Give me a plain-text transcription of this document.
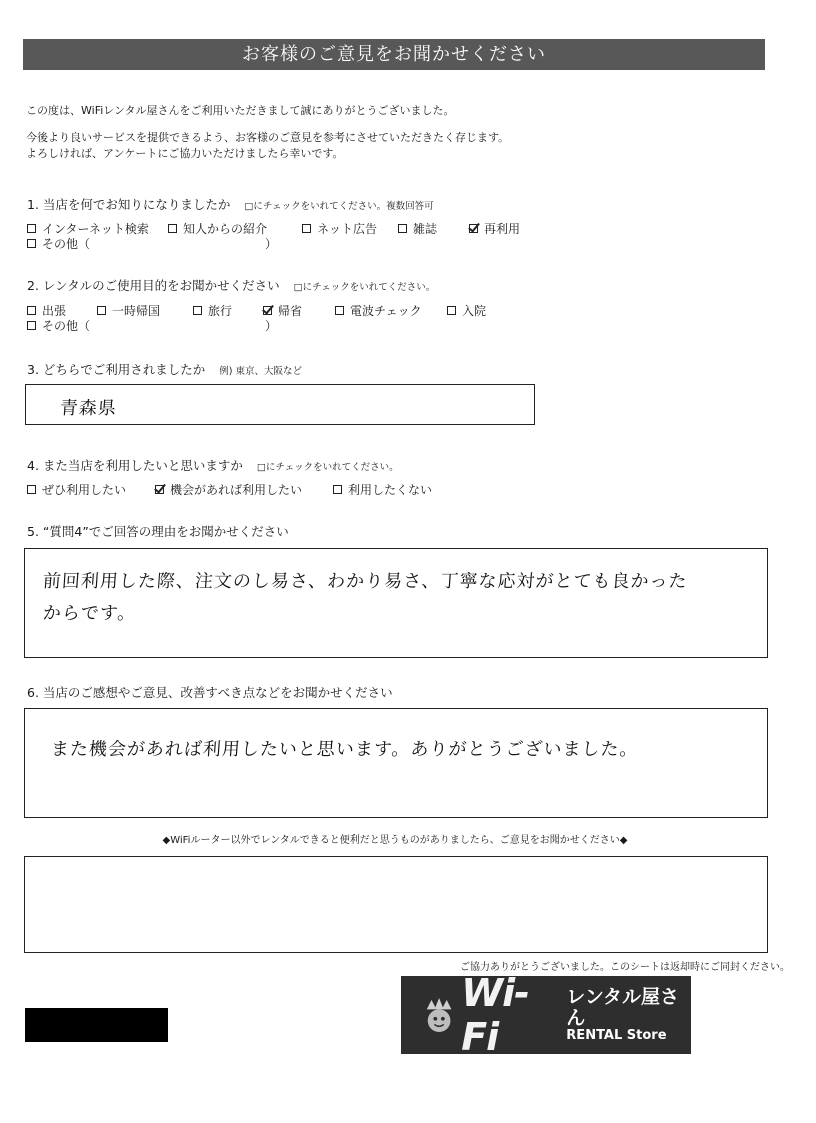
お客様のご意見をお聞かせください
この度は、WiFiレンタル屋さんをご利用いただきまして誠にありがとうございました。
今後より良いサービスを提供できるよう、お客様のご意見を参考にさせていただきたく存じます。
よろしければ、アンケートにご協力いただけましたら幸いです。
1. 当店を何でお知りになりましたか □にチェックをいれてください。複数回答可
インターネット検索	知人からの紹介	ネット広告	雑誌	再利用
その他（	）
2. レンタルのご使用目的をお聞かせください □にチェックをいれてください。
出張	一時帰国	旅行	帰省	電波チェック	入院
その他（	）
3. どちらでご利用されましたか 例) 東京、大阪など
青森県
4. また当店を利用したいと思いますか □にチェックをいれてください。
ぜひ利用したい	機会があれば利用したい	利用したくない
5. “質問4”でご回答の理由をお聞かせください
前回利用した際、注文のし易さ、わかり易さ、丁寧な応対がとても良かった
からです。
6. 当店のご感想やご意見、改善すべき点などをお聞かせください
また機会があれば利用したいと思います。ありがとうございました。
◆WiFiルーター以外でレンタルできると便利だと思うものがありましたら、ご意見をお聞かせください◆
ご協力ありがとうございました。このシートは返却時にご同封ください。
Wi-Fi
レンタル屋さん
RENTAL Store
